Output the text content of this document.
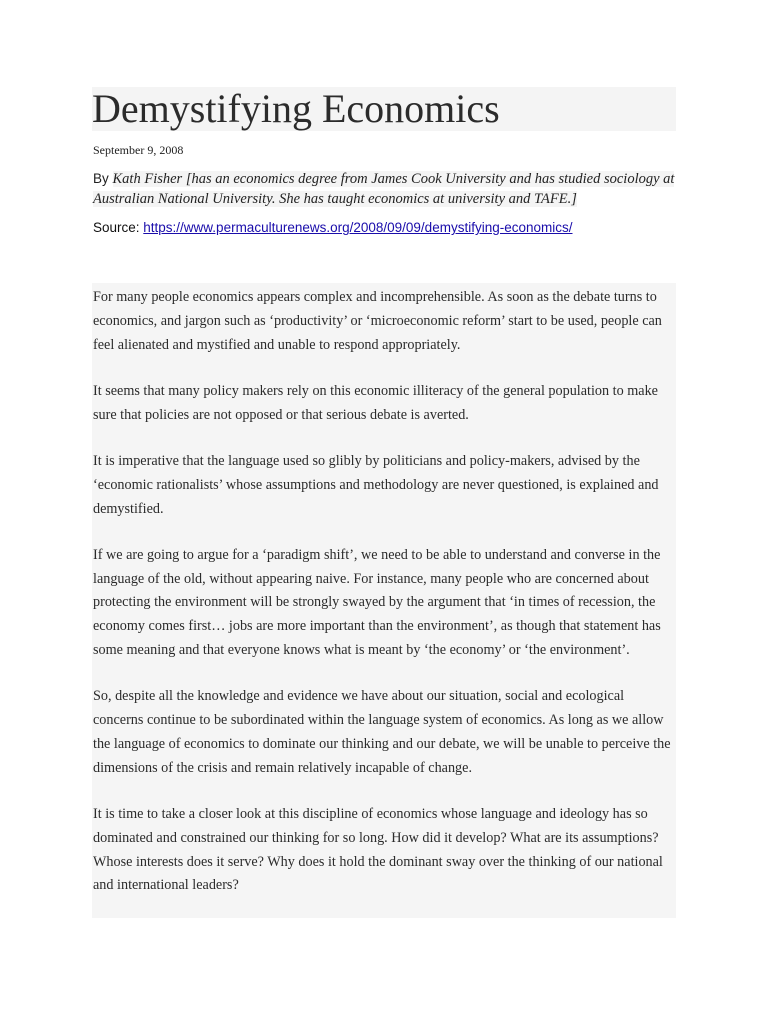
Demystifying Economics
September 9, 2008
By Kath Fisher [has an economics degree from James Cook University and has studied sociology at Australian National University. She has taught economics at university and TAFE.]
Source: https://www.permaculturenews.org/2008/09/09/demystifying-economics/

For many people economics appears complex and incomprehensible. As soon as the debate turns to economics, and jargon such as ‘productivity’ or ‘microeconomic reform’ start to be used, people can feel alienated and mystified and unable to respond appropriately.

It seems that many policy makers rely on this economic illiteracy of the general population to make sure that policies are not opposed or that serious debate is averted.

It is imperative that the language used so glibly by politicians and policy-makers, advised by the ‘economic rationalists’ whose assumptions and methodology are never questioned, is explained and demystified.

If we are going to argue for a ‘paradigm shift’, we need to be able to understand and converse in the language of the old, without appearing naive. For instance, many people who are concerned about protecting the environment will be strongly swayed by the argument that ‘in times of recession, the economy comes first… jobs are more important than the environment’, as though that statement has some meaning and that everyone knows what is meant by ‘the economy’ or ‘the environment’.

So, despite all the knowledge and evidence we have about our situation, social and ecological concerns continue to be subordinated within the language system of economics. As long as we allow the language of economics to dominate our thinking and our debate, we will be unable to perceive the dimensions of the crisis and remain relatively incapable of change.

It is time to take a closer look at this discipline of economics whose language and ideology has so dominated and constrained our thinking for so long. How did it develop? What are its assumptions? Whose interests does it serve? Why does it hold the dominant sway over the thinking of our national and international leaders?
